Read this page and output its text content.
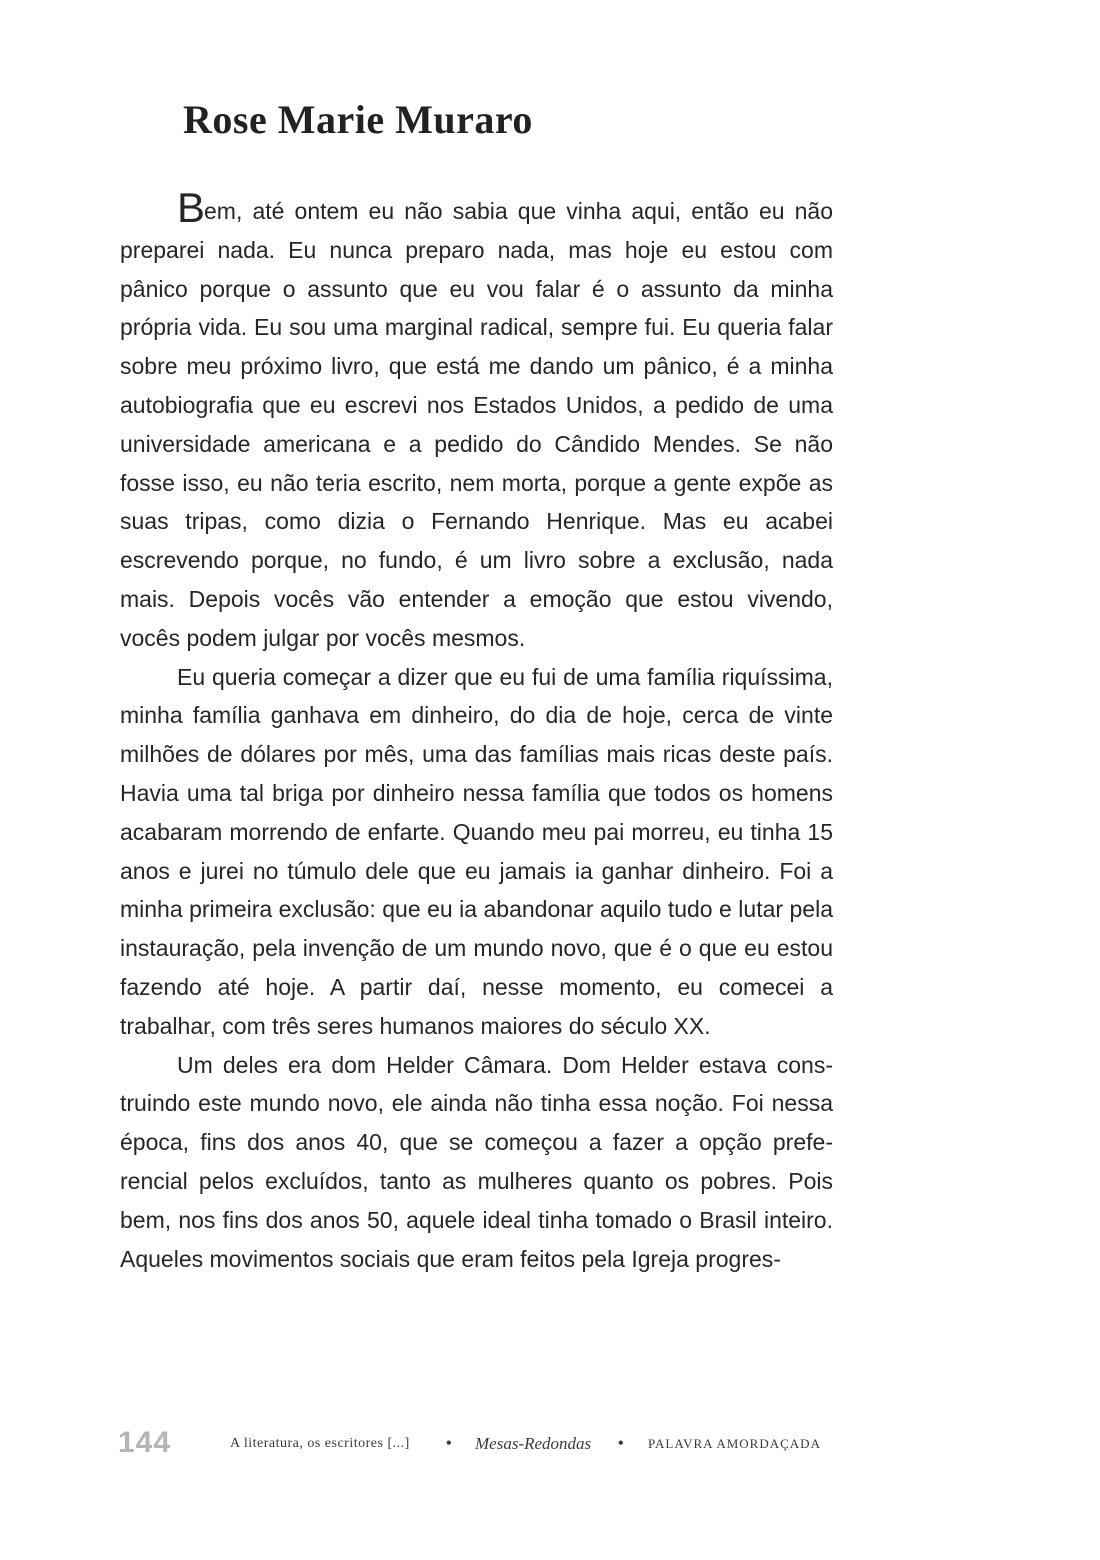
Rose Marie Muraro

Bem, até ontem eu não sabia que vinha aqui, então eu não preparei nada. Eu nunca preparo nada, mas hoje eu estou com pânico porque o assunto que eu vou falar é o assunto da minha própria vida. Eu sou uma marginal radical, sempre fui. Eu queria falar sobre meu próximo livro, que está me dando um pânico, é a minha autobiografia que eu escrevi nos Estados Unidos, a pedido de uma universidade americana e a pedido do Cândido Mendes. Se não fosse isso, eu não teria escrito, nem morta, porque a gente expõe as suas tripas, como dizia o Fernando Henrique. Mas eu acabei escrevendo porque, no fundo, é um livro sobre a exclusão, nada mais. Depois vocês vão entender a emoção que estou vivendo, vocês podem julgar por vocês mesmos.

Eu queria começar a dizer que eu fui de uma família riquíssima, minha família ganhava em dinheiro, do dia de hoje, cerca de vinte milhões de dólares por mês, uma das famílias mais ricas deste país. Havia uma tal briga por dinheiro nessa família que todos os homens acabaram morrendo de enfarte. Quando meu pai morreu, eu tinha 15 anos e jurei no túmulo dele que eu jamais ia ganhar dinheiro. Foi a minha primeira exclusão: que eu ia abandonar aquilo tudo e lutar pela instauração, pela invenção de um mundo novo, que é o que eu estou fazendo até hoje. A partir daí, nesse momento, eu comecei a trabalhar, com três seres humanos maiores do século XX.

Um deles era dom Helder Câmara. Dom Helder estava construindo este mundo novo, ele ainda não tinha essa noção. Foi nessa época, fins dos anos 40, que se começou a fazer a opção preferencial pelos excluídos, tanto as mulheres quanto os pobres. Pois bem, nos fins dos anos 50, aquele ideal tinha tomado o Brasil inteiro. Aqueles movimentos sociais que eram feitos pela Igreja progres-

144	A literatura, os escritores [...] • Mesas-Redondas • PALAVRA AMORDAÇADA
